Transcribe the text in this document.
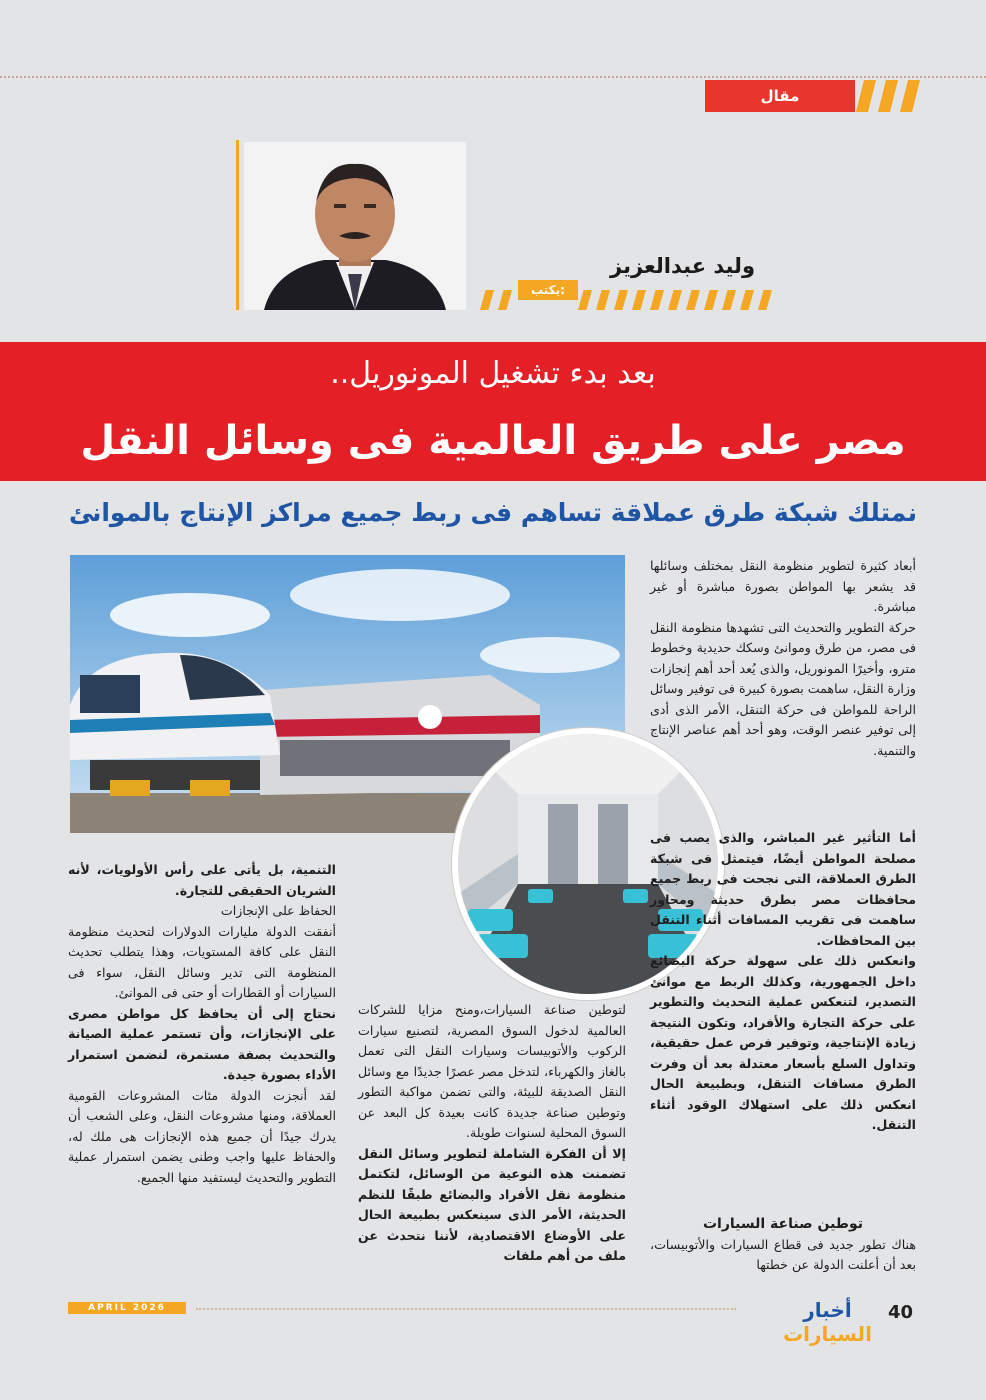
مقال
وليد عبدالعزيز
يكتب:
بعد بدء تشغيل المونوريل..
مصر على طريق العالمية فى وسائل النقل
نمتلك شبكة طرق عملاقة تساهم فى ربط جميع مراكز الإنتاج بالموانئ

أبعاد كثيرة لتطوير منظومة النقل بمختلف وسائلها قد يشعر بها المواطن بصورة مباشرة أو غير مباشرة.

حركة التطوير والتحديث التى تشهدها منظومة النقل فى مصر، من طرق وموانئ وسكك حديدية وخطوط مترو، وأخيرًا المونوريل، والذى يُعد أحد أهم إنجازات وزارة النقل، ساهمت بصورة كبيرة فى توفير وسائل الراحة للمواطن فى حركة التنقل، الأمر الذى أدى إلى توفير عنصر الوقت، وهو أحد أهم عناصر الإنتاج والتنمية.

أما التأثير غير المباشر، والذى يصب فى مصلحة المواطن أيضًا، فيتمثل فى شبكة الطرق العملاقة، التى نجحت فى ربط جميع محافظات مصر بطرق حديثة ومحاور ساهمت فى تقريب المسافات أثناء التنقل بين المحافظات.

وانعكس ذلك على سهولة حركة البضائع داخل الجمهورية، وكذلك الربط مع موانئ التصدير، لتنعكس عملية التحديث والتطوير على حركة التجارة والأفراد، وتكون النتيجة زيادة الإنتاجية، وتوفير فرص عمل حقيقية، وتداول السلع بأسعار معتدلة بعد أن وفرت الطرق مسافات التنقل، وبطبيعة الحال انعكس ذلك على استهلاك الوقود أثناء التنقل.

توطين صناعة السيارات

هناك تطور جديد فى قطاع السيارات والأتوبيسات، بعد أن أعلنت الدولة عن خطتها

لتوطين صناعة السيارات،ومنح مزايا للشركات العالمية لدخول السوق المصرية، لتصنيع سيارات الركوب والأتوبيسات وسيارات النقل التى تعمل بالغاز والكهرباء، لتدخل مصر عصرًا جديدًا مع وسائل النقل الصديقة للبيئة، والتى تضمن مواكبة التطور وتوطين صناعة جديدة كانت بعيدة كل البعد عن السوق المحلية لسنوات طويلة.

إلا أن الفكرة الشاملة لتطوير وسائل النقل تضمنت هذه النوعية من الوسائل، لتكتمل منظومة نقل الأفراد والبضائع طبقًا للنظم الحديثة، الأمر الذى سينعكس بطبيعة الحال على الأوضاع الاقتصادية، لأننا نتحدث عن ملف من أهم ملفات

التنمية، بل يأتى على رأس الأولويات، لأنه الشريان الحقيقى للتجارة.

الحفاظ على الإنجازات

أنفقت الدولة مليارات الدولارات لتحديث منظومة النقل على كافة المستويات، وهذا يتطلب تحديث المنظومة التى تدير وسائل النقل، سواء فى السيارات أو القطارات أو حتى فى الموانئ.

نحتاج إلى أن يحافظ كل مواطن مصرى على الإنجازات، وأن تستمر عملية الصيانة والتحديث بصفة مستمرة، لنضمن استمرار الأداء بصورة جيدة.

لقد أنجزت الدولة مئات المشروعات القومية العملاقة، ومنها مشروعات النقل، وعلى الشعب أن يدرك جيدًا أن جميع هذه الإنجازات هى ملك له، والحفاظ عليها واجب وطنى يضمن استمرار عملية التطوير والتحديث ليستفيد منها الجميع.

APRIL 2026	أخبار السيارات
40
